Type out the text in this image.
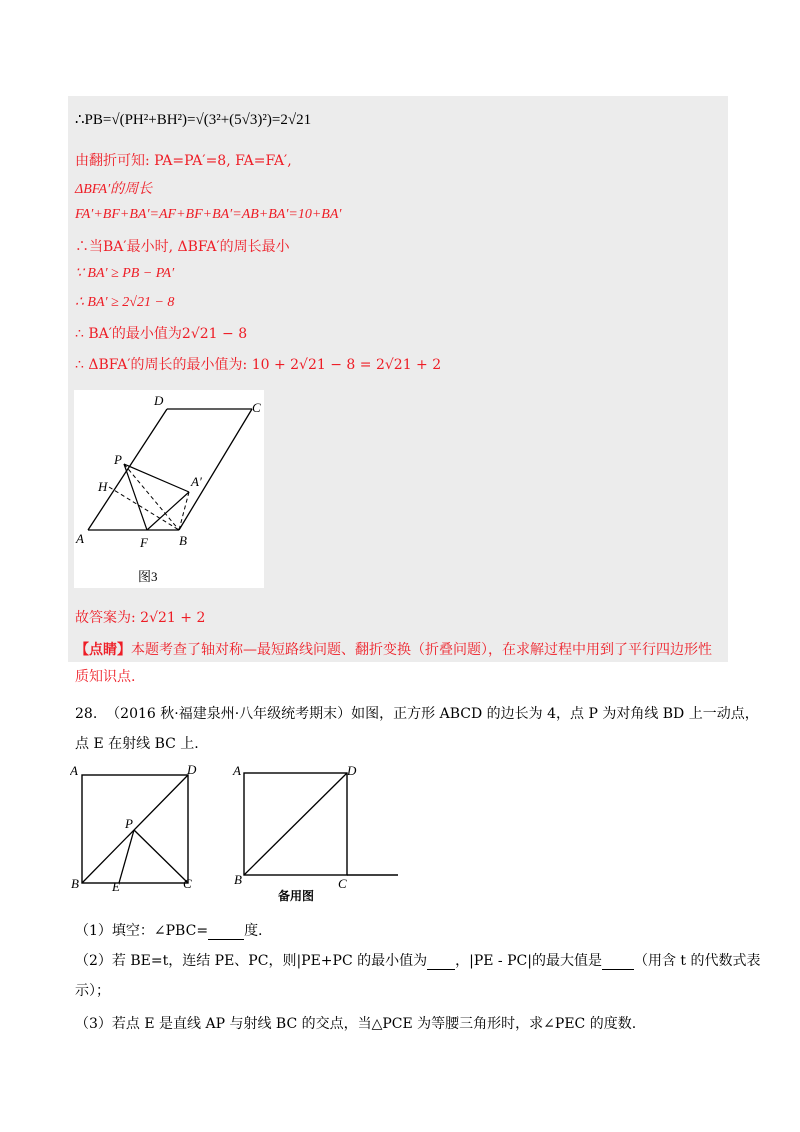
∴PB=√(PH²+BH²)=√(3²+(5√3)²)=2√21
由翻折可知: PA=PA′=8, FA=FA′,
ΔBFA′的周长
FA′+BF+BA′=AF+BF+BA′=AB+BA′=10+BA′
∴当BA′最小时, ΔBFA′的周长最小
∵ BA′ ≥ PB − PA′
∴ BA′ ≥ 2√21 − 8
∴ BA′的最小值为2√21 − 8
∴ ΔBFA′的周长的最小值为: 10 + 2√21 − 8 = 2√21 + 2
D	C
P
H	A′
A	F B
图3
故答案为: 2√21 + 2
【点睛】本题考查了轴对称—最短路线问题、翻折变换（折叠问题），在求解过程中用到了平行四边形性
质知识点.
28. （2016 秋·福建泉州·八年级统考期末）如图，正方形 ABCD 的边长为 4，点 P 为对角线 BD 上一动点，
点 E 在射线 BC 上.
A	D
P
B	E	C
A	D
B	C
备用图
（1）填空：∠PBC=	度.
（2）若 BE=t，连结 PE、PC，则|PE+PC 的最小值为 ，|PE - PC|的最大值是 （用含 t 的代数式表
示）；
（3）若点 E 是直线 AP 与射线 BC 的交点，当△PCE 为等腰三角形时，求∠PEC 的度数.
